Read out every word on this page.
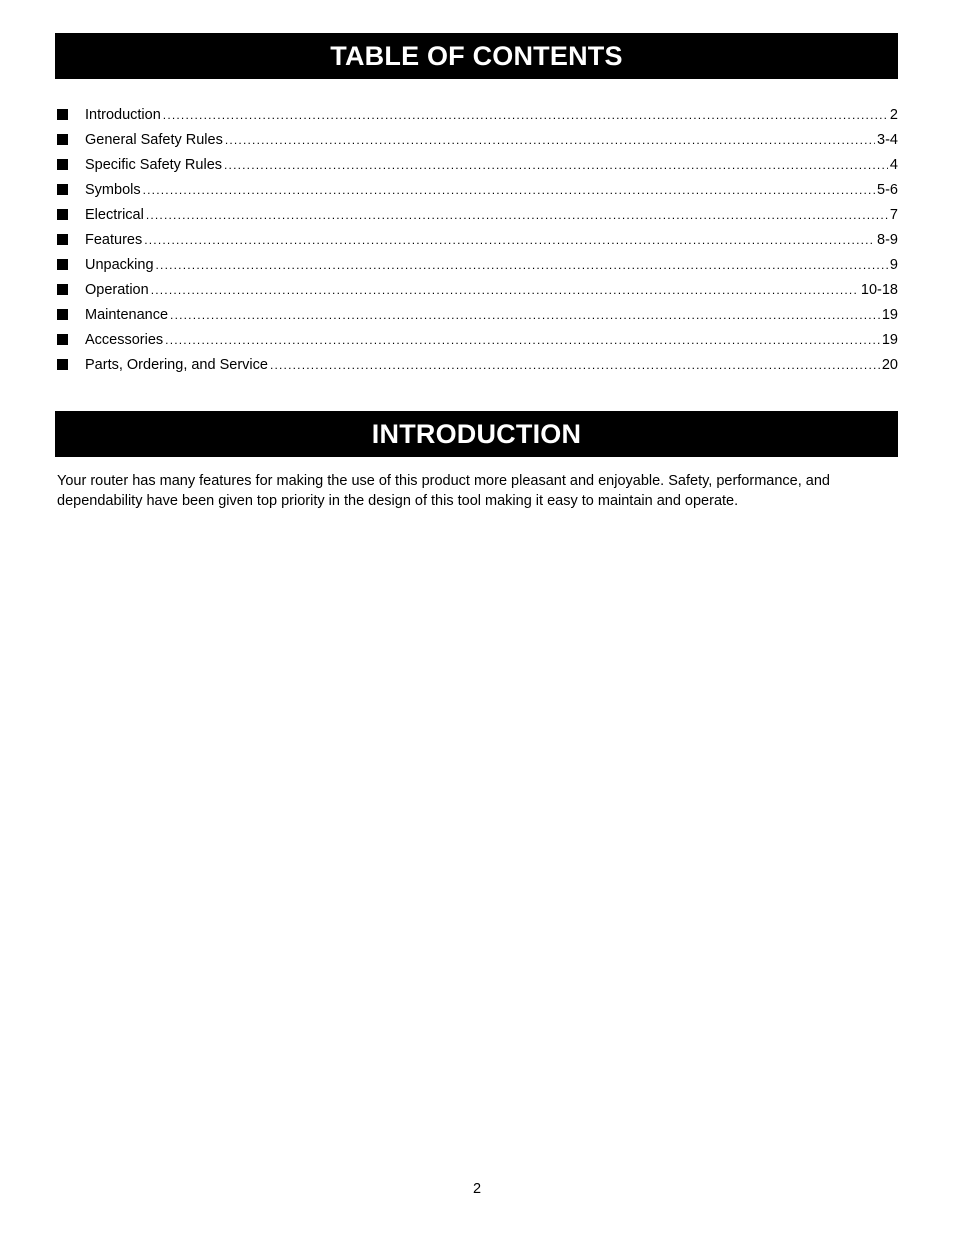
TABLE OF CONTENTS
Introduction .....	2
General Safety Rules .....	3-4
Specific Safety Rules .....	4
Symbols .....	5-6
Electrical .....	7
Features .....	8-9
Unpacking .....	9
Operation .....	10-18
Maintenance .....	19
Accessories .....	19
Parts, Ordering, and Service .....	20
INTRODUCTION

Your router has many features for making the use of this product more pleasant and enjoyable. Safety, performance, and dependability have been given top priority in the design of this tool making it easy to maintain and operate.

2
